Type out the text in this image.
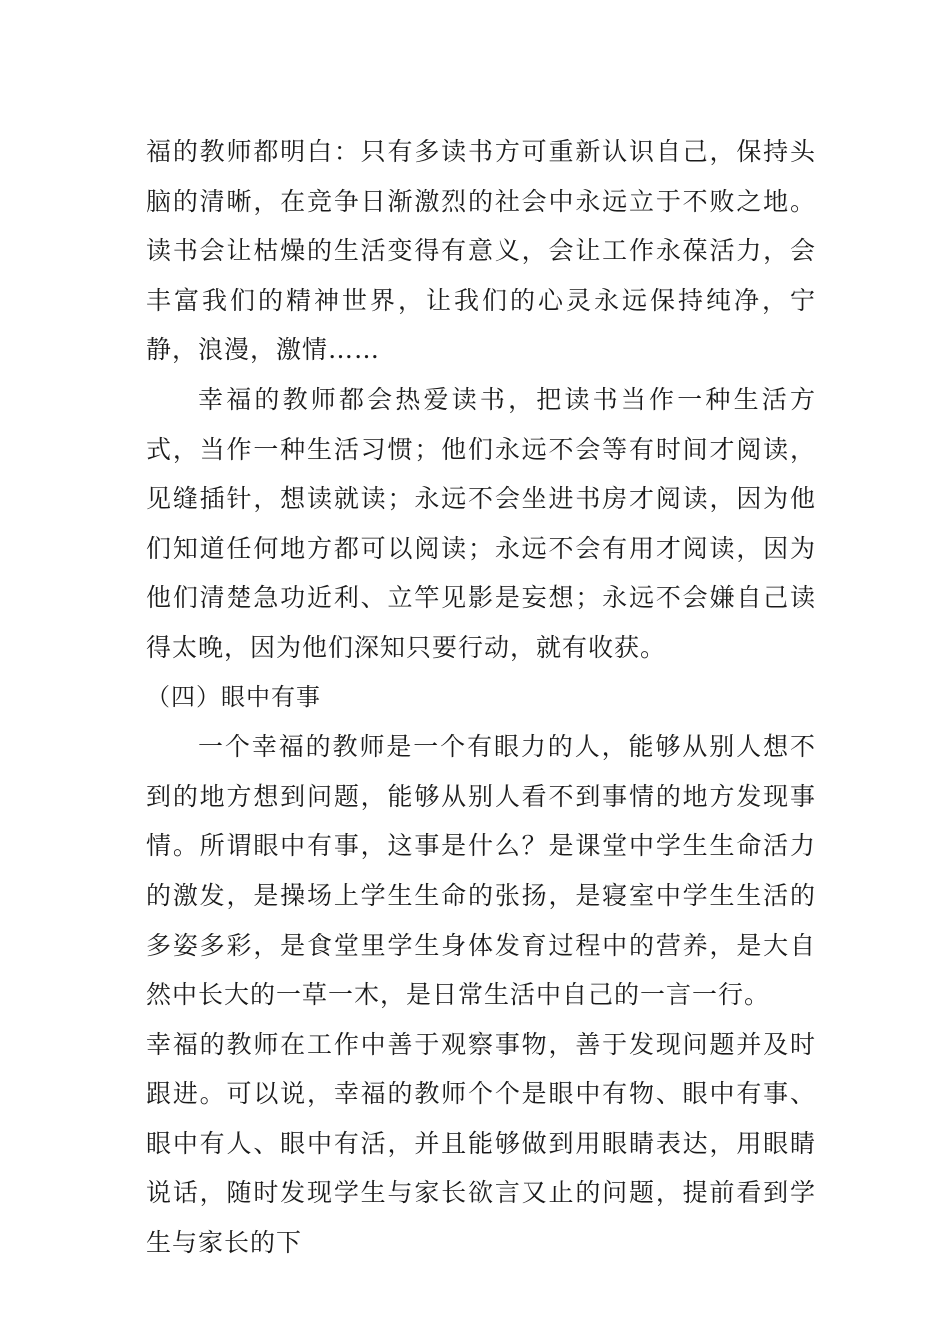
福的教师都明白：只有多读书方可重新认识自己，保持头脑的清晰，在竞争日渐激烈的社会中永远立于不败之地。读书会让枯燥的生活变得有意义，会让工作永葆活力，会丰富我们的精神世界，让我们的心灵永远保持纯净，宁静，浪漫，激情……

幸福的教师都会热爱读书，把读书当作一种生活方式，当作一种生活习惯；他们永远不会等有时间才阅读，见缝插针，想读就读；永远不会坐进书房才阅读，因为他们知道任何地方都可以阅读；永远不会有用才阅读，因为他们清楚急功近利、立竿见影是妄想；永远不会嫌自己读得太晚，因为他们深知只要行动，就有收获。

（四）眼中有事

一个幸福的教师是一个有眼力的人，能够从别人想不到的地方想到问题，能够从别人看不到事情的地方发现事情。所谓眼中有事，这事是什么？是课堂中学生生命活力的激发，是操场上学生生命的张扬，是寝室中学生生活的多姿多彩，是食堂里学生身体发育过程中的营养，是大自然中长大的一草一木，是日常生活中自己的一言一行。

幸福的教师在工作中善于观察事物，善于发现问题并及时跟进。可以说，幸福的教师个个是眼中有物、眼中有事、眼中有人、眼中有活，并且能够做到用眼睛表达，用眼睛说话，随时发现学生与家长欲言又止的问题，提前看到学生与家长的下
